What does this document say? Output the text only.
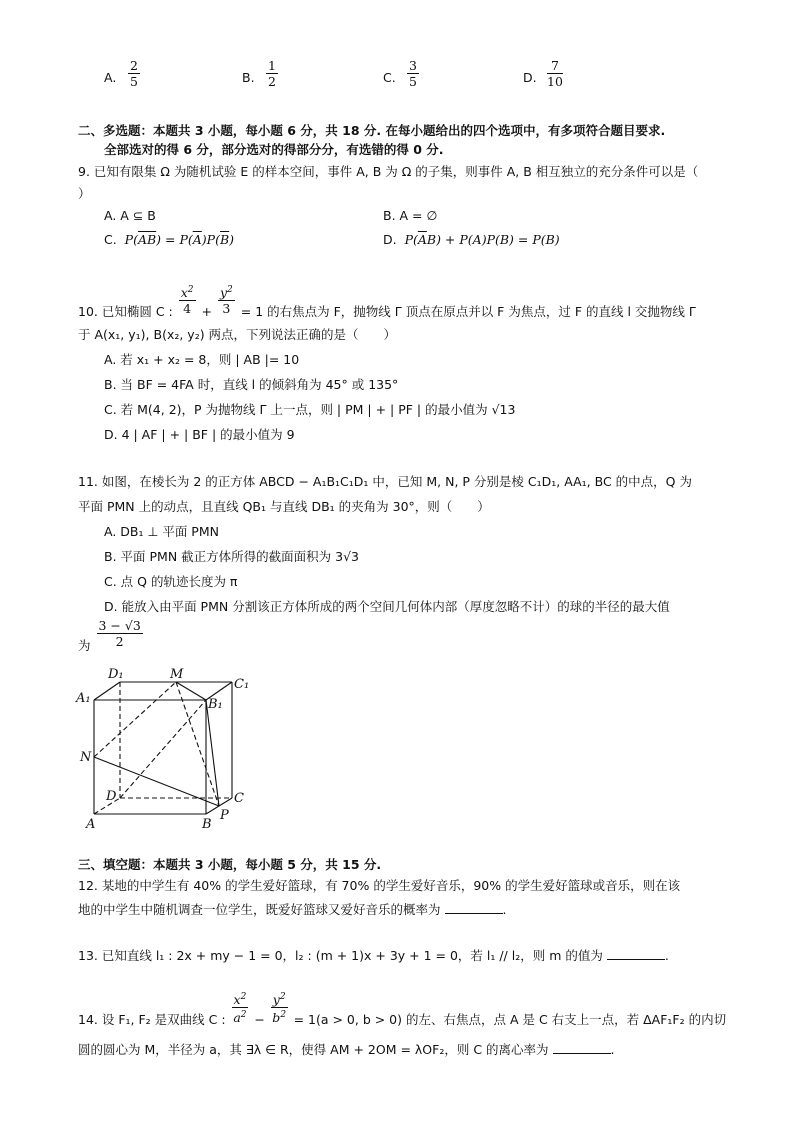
A. $\frac{2}{5}$	B. $\frac{1}{2}$	C. $\frac{3}{5}$	D. $\frac{7}{10}$
二、多选题：本题共 3 小题，每小题 6 分，共 18 分. 在每小题给出的四个选项中，有多项符合题目要求.
全部选对的得 6 分，部分选对的得部分分，有选错的得 0 分.
9. 已知有限集 Ω 为随机试验 E 的样本空间，事件 A, B 为 Ω 的子集，则事件 A, B 相互独立的充分条件可以是（
）
A. A ⊆ B	B. A = ∅
C.  $P(\overline{AB}) = P(\overline{A})P(\overline{B})$	D.  $P(\overline{A}B) + P(A)P(B) = P(B)$
10. 已知椭圆 C : $\frac{x^2}{4} + \frac{y^2}{3} = 1$ 的右焦点为 F，抛物线 Γ 顶点在原点并以 F 为焦点，过 F 的直线 l 交抛物线 Γ
于 A(x₁, y₁), B(x₂, y₂) 两点，下列说法正确的是（　　）
A. 若 x₁ + x₂ = 8，则 | AB |= 10
B. 当 BF = 4FA 时，直线 l 的倾斜角为 45° 或 135°
C. 若 M(4, 2)，P 为抛物线 Γ 上一点，则 | PM | + | PF | 的最小值为 √13
D. 4 | AF | + | BF | 的最小值为 9
11. 如图，在棱长为 2 的正方体 ABCD − A₁B₁C₁D₁ 中，已知 M, N, P 分别是棱 C₁D₁, AA₁, BC 的中点，Q 为
平面 PMN 上的动点，且直线 QB₁ 与直线 DB₁ 的夹角为 30°，则（　　）
A. DB₁ ⊥ 平面 PMN
B. 平面 PMN 截正方体所得的截面面积为 3√3
C. 点 Q 的轨迹长度为 π
D. 能放入由平面 PMN 分割该正方体所成的两个空间几何体内部（厚度忽略不计）的球的半径的最大值
为 $\frac{3 - √3}{2}$
D₁	M
C₁
A₁	B₁
N
D	C
P
A	B
三、填空题：本题共 3 小题，每小题 5 分，共 15 分.
12. 某地的中学生有 40% 的学生爱好篮球，有 70% 的学生爱好音乐，90% 的学生爱好篮球或音乐，则在该
地的中学生中随机调查一位学生，既爱好篮球又爱好音乐的概率为	.
13. 已知直线 l₁ : 2x + my − 1 = 0，l₂ : (m + 1)x + 3y + 1 = 0，若 l₁ // l₂，则 m 的值为	.
14. 设 F₁, F₂ 是双曲线 C : $\frac{x^2}{a^2} - \frac{y^2}{b^2} = 1(a > 0$, b > 0) 的左、右焦点，点 A 是 C 右支上一点，若 ΔAF₁F₂ 的内切
圆的圆心为 M，半径为 a，其 ∃λ ∈ R，使得 AM + 2OM = λOF₂，则 C 的离心率为	.
